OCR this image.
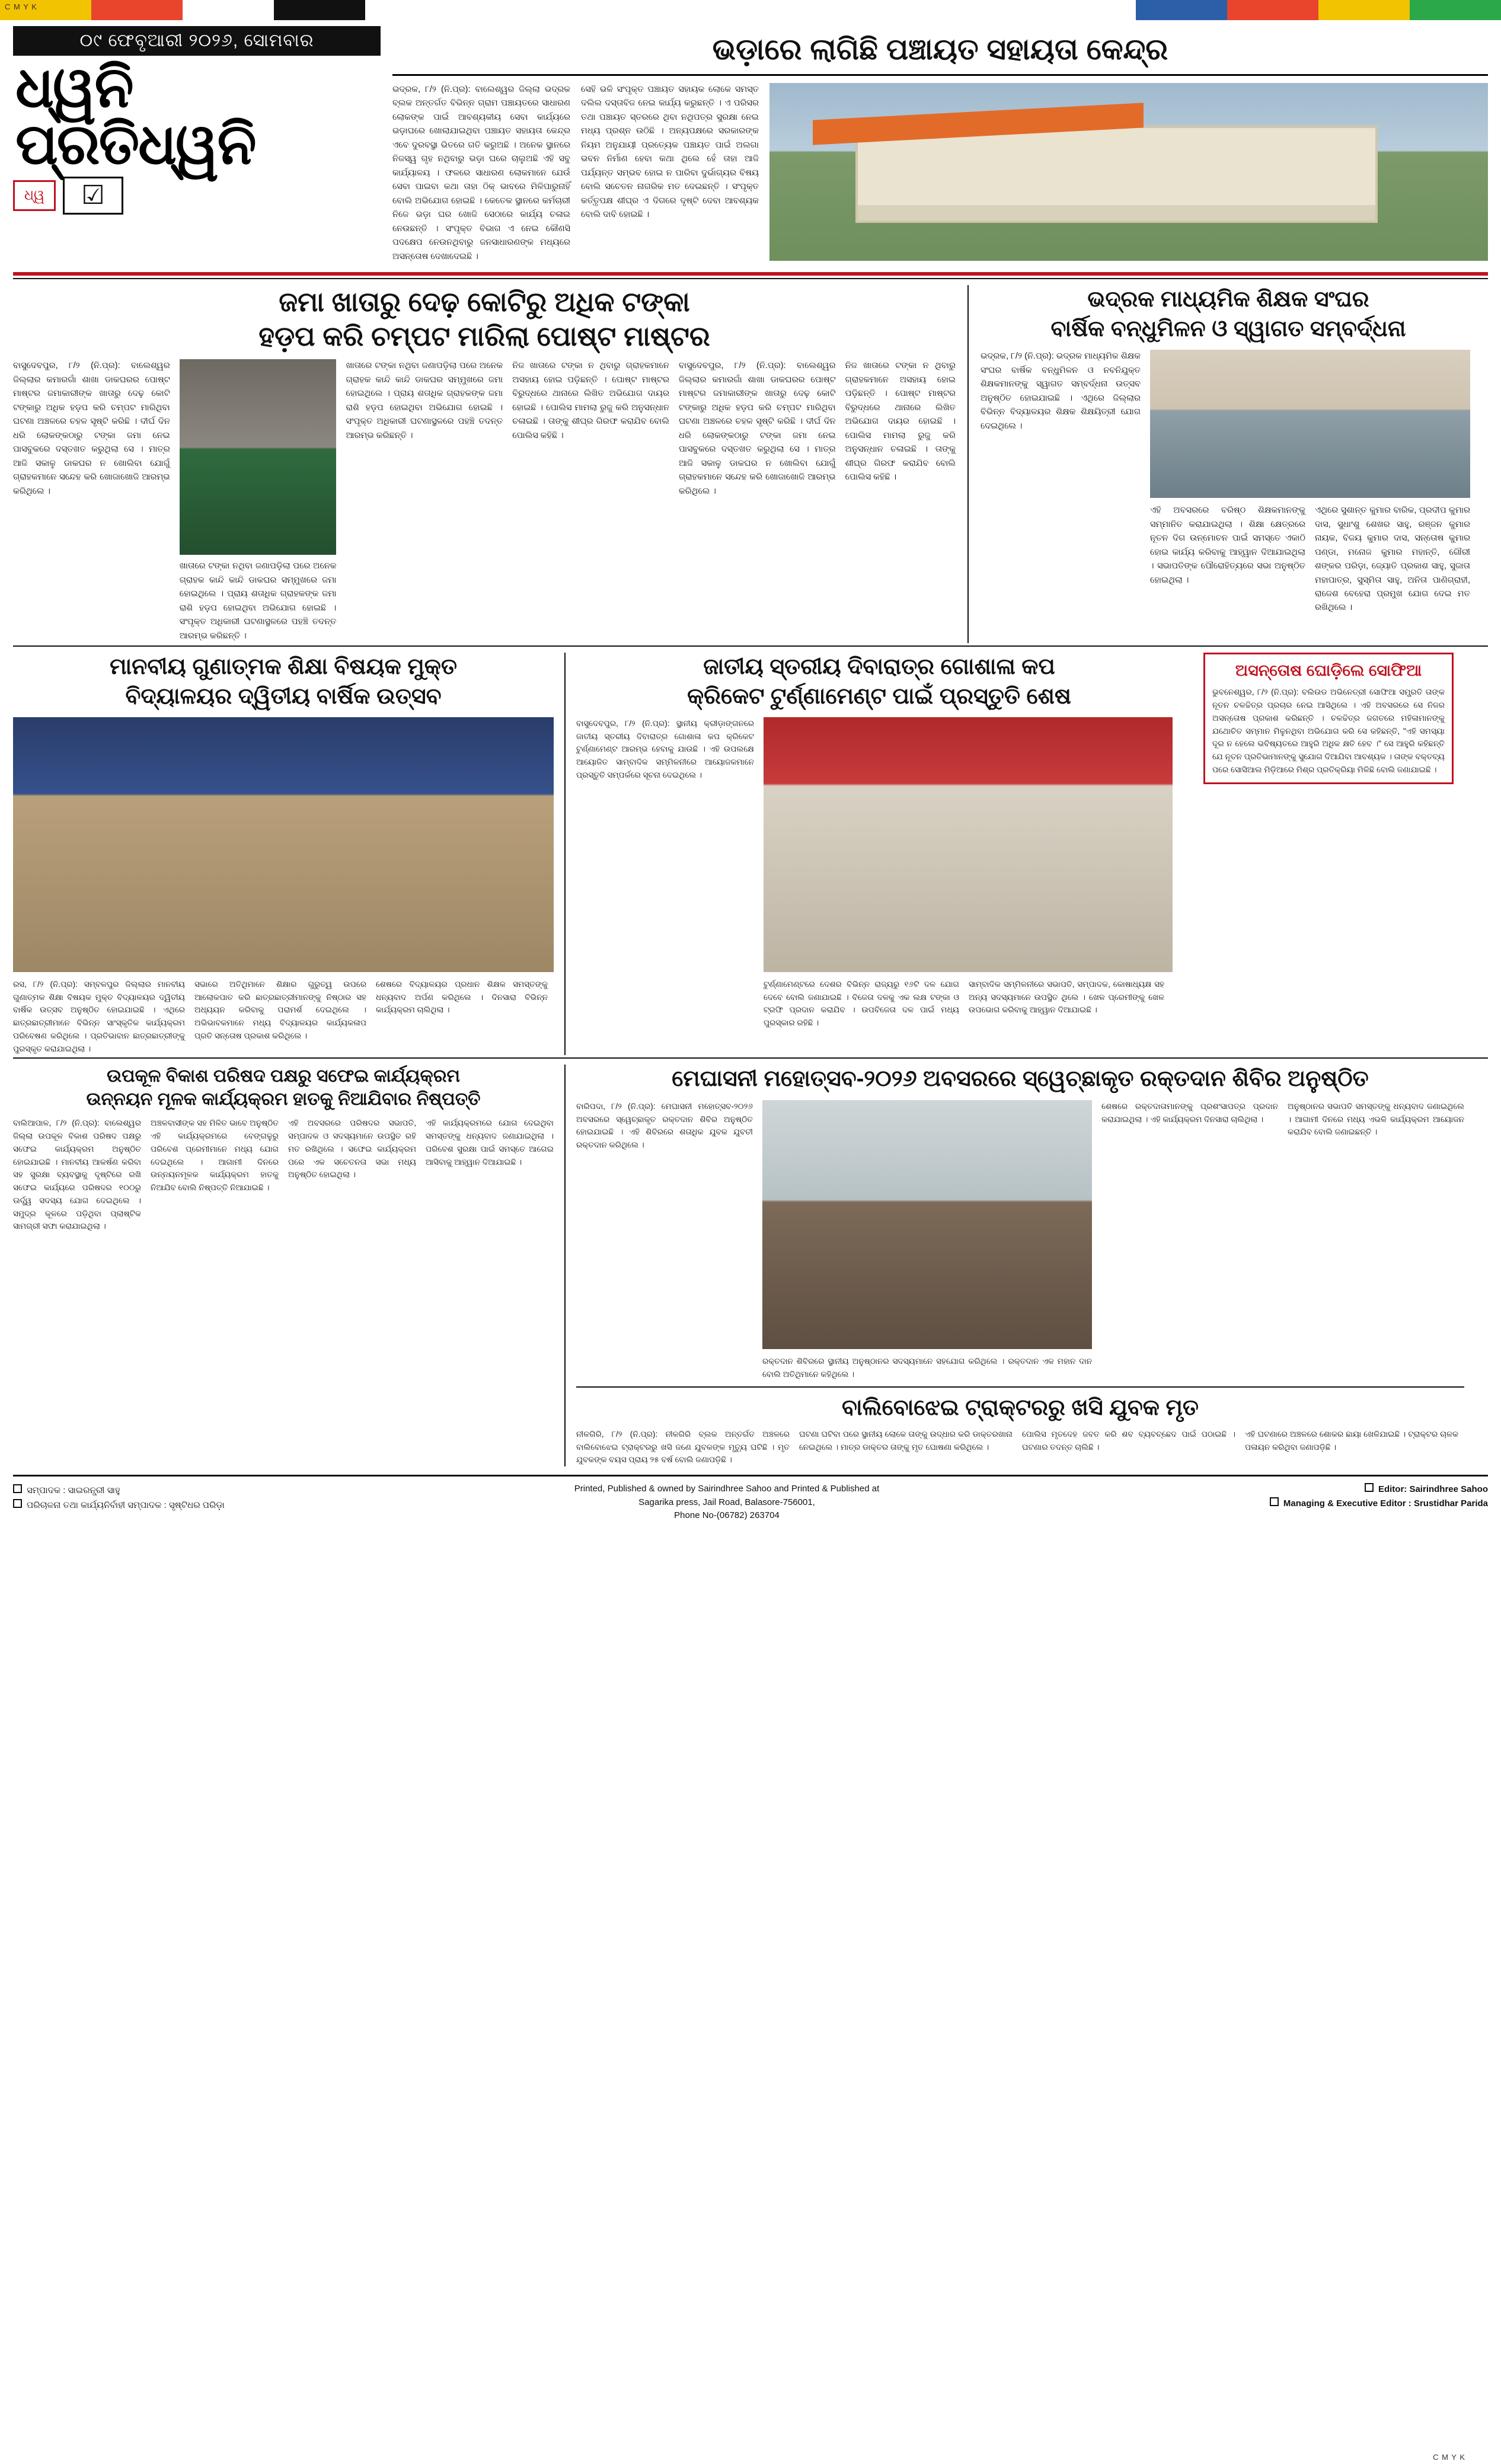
C M Y K
୦୯ ଫେବୃଆରୀ ୨୦୨୬, ସୋମବାର
ଧ୍ୱନି ପ୍ରତିଧ୍ୱନି
ଧ୍ୱ	☑
ଭଡ଼ାରେ ଲାଗିଛି ପଞ୍ଚାୟତ ସହାୟତା କେନ୍ଦ୍ର
ଭଦ୍ରକ, ୮/୨ (ନି.ପ୍ର): ବାଲେଶ୍ୱର ଜିଲ୍ଲା ଭଦ୍ରକ ବ୍ଲକ ଅନ୍ତର୍ଗତ ବିଭିନ୍ନ ଗ୍ରାମ ପଞ୍ଚାୟତରେ ସାଧାରଣ ଲୋକଙ୍କ ପାଇଁ ଆବଶ୍ୟକୀୟ ସେବା କାର୍ଯ୍ୟରେ ଭଡ଼ାଘରେ ଖୋଲାଯାଇଥିବା ପଞ୍ଚାୟତ ସହାୟତା କେନ୍ଦ୍ର ଏବେ ଦୁରବସ୍ଥା ଭିତରେ ଗତି କରୁଅଛି । ଅନେକ ସ୍ଥାନରେ ନିଜସ୍ୱ ଗୃହ ନଥିବାରୁ ଭଡ଼ା ଘରେ ଚାଲୁଅଛି ଏହି ସବୁ କାର୍ଯ୍ୟାଳୟ । ଫଳରେ ସାଧାରଣ ଲୋକମାନେ ଯେଉଁ ସେବା ପାଇବା କଥା ତାହା ଠିକ୍ ଭାବରେ ମିଳିପାରୁନାହିଁ ବୋଲି ଅଭିଯୋଗ ହୋଇଛି । କେତେକ ସ୍ଥାନରେ କର୍ମଚାରୀ ନିଜେ ଭଡ଼ା ଘର ଖୋଜି ସେଠାରେ କାର୍ଯ୍ୟ ଚଳାଇ ନେଉଛନ୍ତି । ସଂପୃକ୍ତ ବିଭାଗ ଏ ନେଇ କୌଣସି ପଦକ୍ଷେପ ନେଉନଥିବାରୁ ଜନସାଧାରଣଙ୍କ ମଧ୍ୟରେ ଅସନ୍ତୋଷ ଦେଖାଦେଇଛି ।
ସେହି ଭଳି ସଂପୃକ୍ତ ପଞ୍ଚାୟତ ସହାୟକ ଲୋକେ ସମସ୍ତ ଦଲିଲ ଦସ୍ତାବିଜ ନେଇ କାର୍ଯ୍ୟ କରୁଛନ୍ତି । ଏ ପରିସର ତଥା ପଞ୍ଚାୟତ ସ୍ତରରେ ଥିବା ନଥିପତ୍ର ସୁରକ୍ଷା ନେଇ ମଧ୍ୟ ପ୍ରଶ୍ନ ଉଠିଛି । ଅନ୍ୟପକ୍ଷରେ ସରକାରଙ୍କ ନିୟମ ଅନୁଯାୟୀ ପ୍ରତ୍ୟେକ ପଞ୍ଚାୟତ ପାଇଁ ଅଲଗା ଭବନ ନିର୍ମାଣ ହେବା କଥା ଥିଲେ ହେଁ ତାହା ଆଜି ପର୍ଯ୍ୟନ୍ତ ସମ୍ଭବ ହୋଇ ନ ପାରିବା ଦୁର୍ଭାଗ୍ୟର ବିଷୟ ବୋଲି ସଚେତନ ନାଗରିକ ମତ ଦେଇଛନ୍ତି । ସଂପୃକ୍ତ କର୍ତ୍ତୃପକ୍ଷ ଶୀଘ୍ର ଏ ଦିଗରେ ଦୃଷ୍ଟି ଦେବା ଆବଶ୍ୟକ ବୋଲି ଦାବି ହୋଇଛି ।
ଜମା ଖାତାରୁ ଦେଢ଼ କୋଟିରୁ ଅଧିକ ଟଙ୍କା
ହଡ଼ପ କରି ଚମ୍ପଟ ମାରିଲା ପୋଷ୍ଟ ମାଷ୍ଟର
ବାସୁଦେବପୁର, ୮/୨ (ନି.ପ୍ର): ବାଲେଶ୍ୱର ଜିଲ୍ଲାର କମାରଗାଁ ଶାଖା ଡାକଘରର ପୋଷ୍ଟ ମାଷ୍ଟର ଜମାକାରୀଙ୍କ ଖାତାରୁ ଦେଢ଼ କୋଟି ଟଙ୍କାରୁ ଅଧିକ ହଡ଼ପ କରି ଚମ୍ପଟ ମାରିଥିବା ଘଟଣା ଅଞ୍ଚଳରେ ଚହଳ ସୃଷ୍ଟି କରିଛି । ଦୀର୍ଘ ଦିନ ଧରି ଲୋକଙ୍କଠାରୁ ଟଙ୍କା ଜମା ନେଇ ପାସବୁକରେ ଦସ୍ତଖତ କରୁଥିଲା ସେ । ମାତ୍ର ଆଜି ସକାଳୁ ଡାକଘର ନ ଖୋଲିବା ଯୋଗୁଁ ଗ୍ରାହକମାନେ ସନ୍ଦେହ କରି ଖୋଜାଖୋଜି ଆରମ୍ଭ କରିଥିଲେ ।
ଖାତାରେ ଟଙ୍କା ନଥିବା ଜଣାପଡ଼ିଲା ପରେ ଅନେକ ଗ୍ରାହକ କାନ୍ଦି କାନ୍ଦି ଡାକଘର ସମ୍ମୁଖରେ ଜମା ହୋଇଥିଲେ । ପ୍ରାୟ ଶତାଧିକ ଗ୍ରାହକଙ୍କ ଜମା ରାଶି ହଡ଼ପ ହୋଇଥିବା ଅଭିଯୋଗ ହୋଇଛି । ସଂପୃକ୍ତ ଅଧିକାରୀ ଘଟଣାସ୍ଥଳରେ ପହଞ୍ଚି ତଦନ୍ତ ଆରମ୍ଭ କରିଛନ୍ତି ।
ଖାତାରେ ଟଙ୍କା ନଥିବା ଜଣାପଡ଼ିଲା ପରେ ଅନେକ ଗ୍ରାହକ କାନ୍ଦି କାନ୍ଦି ଡାକଘର ସମ୍ମୁଖରେ ଜମା ହୋଇଥିଲେ । ପ୍ରାୟ ଶତାଧିକ ଗ୍ରାହକଙ୍କ ଜମା ରାଶି ହଡ଼ପ ହୋଇଥିବା ଅଭିଯୋଗ ହୋଇଛି । ସଂପୃକ୍ତ ଅଧିକାରୀ ଘଟଣାସ୍ଥଳରେ ପହଞ୍ଚି ତଦନ୍ତ ଆରମ୍ଭ କରିଛନ୍ତି ।
ନିଜ ଖାତାରେ ଟଙ୍କା ନ ଥିବାରୁ ଗ୍ରାହକମାନେ ଅସହାୟ ହୋଇ ପଡ଼ିଛନ୍ତି । ପୋଷ୍ଟ ମାଷ୍ଟର ବିରୁଦ୍ଧରେ ଥାନାରେ ଲିଖିତ ଅଭିଯୋଗ ଦାୟର ହୋଇଛି । ପୋଲିସ ମାମଲା ରୁଜୁ କରି ଅନୁସନ୍ଧାନ ଚଳାଇଛି । ତାଙ୍କୁ ଶୀଘ୍ର ଗିରଫ କରାଯିବ ବୋଲି ପୋଲିସ କହିଛି ।
ବାସୁଦେବପୁର, ୮/୨ (ନି.ପ୍ର): ବାଲେଶ୍ୱର ଜିଲ୍ଲାର କମାରଗାଁ ଶାଖା ଡାକଘରର ପୋଷ୍ଟ ମାଷ୍ଟର ଜମାକାରୀଙ୍କ ଖାତାରୁ ଦେଢ଼ କୋଟି ଟଙ୍କାରୁ ଅଧିକ ହଡ଼ପ କରି ଚମ୍ପଟ ମାରିଥିବା ଘଟଣା ଅଞ୍ଚଳରେ ଚହଳ ସୃଷ୍ଟି କରିଛି । ଦୀର୍ଘ ଦିନ ଧରି ଲୋକଙ୍କଠାରୁ ଟଙ୍କା ଜମା ନେଇ ପାସବୁକରେ ଦସ୍ତଖତ କରୁଥିଲା ସେ । ମାତ୍ର ଆଜି ସକାଳୁ ଡାକଘର ନ ଖୋଲିବା ଯୋଗୁଁ ଗ୍ରାହକମାନେ ସନ୍ଦେହ କରି ଖୋଜାଖୋଜି ଆରମ୍ଭ କରିଥିଲେ ।
ନିଜ ଖାତାରେ ଟଙ୍କା ନ ଥିବାରୁ ଗ୍ରାହକମାନେ ଅସହାୟ ହୋଇ ପଡ଼ିଛନ୍ତି । ପୋଷ୍ଟ ମାଷ୍ଟର ବିରୁଦ୍ଧରେ ଥାନାରେ ଲିଖିତ ଅଭିଯୋଗ ଦାୟର ହୋଇଛି । ପୋଲିସ ମାମଲା ରୁଜୁ କରି ଅନୁସନ୍ଧାନ ଚଳାଇଛି । ତାଙ୍କୁ ଶୀଘ୍ର ଗିରଫ କରାଯିବ ବୋଲି ପୋଲିସ କହିଛି ।
ଭଦ୍ରକ ମାଧ୍ୟମିକ ଶିକ୍ଷକ ସଂଘର
ବାର୍ଷିକ ବନ୍ଧୁମିଳନ ଓ ସ୍ୱାଗତ ସମ୍ବର୍ଦ୍ଧନା
ଭଦ୍ରକ, ୮/୨ (ନି.ପ୍ର): ଭଦ୍ରକ ମାଧ୍ୟମିକ ଶିକ୍ଷକ ସଂଘର ବାର୍ଷିକ ବନ୍ଧୁମିଳନ ଓ ନବନିଯୁକ୍ତ ଶିକ୍ଷକମାନଙ୍କୁ ସ୍ୱାଗତ ସମ୍ବର୍ଦ୍ଧନା ଉତ୍ସବ ଅନୁଷ୍ଠିତ ହୋଇଯାଇଛି । ଏଥିରେ ଜିଲ୍ଲାର ବିଭିନ୍ନ ବିଦ୍ୟାଳୟର ଶିକ୍ଷକ ଶିକ୍ଷୟିତ୍ରୀ ଯୋଗ ଦେଇଥିଲେ ।
ଏହି ଅବସରରେ ବରିଷ୍ଠ ଶିକ୍ଷକମାନଙ୍କୁ ସମ୍ମାନିତ କରାଯାଇଥିଲା । ଶିକ୍ଷା କ୍ଷେତ୍ରରେ ନୂତନ ଦିଗ ଉନ୍ମୋଚନ ପାଇଁ ସମସ୍ତେ ଏକାଠି ହୋଇ କାର୍ଯ୍ୟ କରିବାକୁ ଆହ୍ୱାନ ଦିଆଯାଇଥିଲା । ସଭାପତିଙ୍କ ପୌରୋହିତ୍ୟରେ ସଭା ଅନୁଷ୍ଠିତ ହୋଇଥିଲା ।
ଏଥିରେ ସୁଶାନ୍ତ କୁମାର ବାରିକ, ପ୍ରଦୀପ କୁମାର ଦାସ, ସୁଧାଂଶୁ ଶେଖର ସାହୁ, ରଞ୍ଜନ କୁମାର ନାୟକ, ବିଜୟ କୁମାର ଦାସ, ସନ୍ତୋଷ କୁମାର ପଣ୍ଡା, ମନୋଜ କୁମାର ମହାନ୍ତି, ଗୌରୀ ଶଙ୍କର ପରିଡ଼ା, ଜ୍ୟୋତି ପ୍ରକାଶ ସାହୁ, ସୁଜାତା ମହାପାତ୍ର, ସୁସ୍ମିତା ସାହୁ, ଅନିତା ପାଣିଗ୍ରାହୀ, ରାଜେଶ ବେହେରା ପ୍ରମୁଖ ଯୋଗ ଦେଇ ମତ ରଖିଥିଲେ ।
ମାନବୀୟ ଗୁଣାତ୍ମକ ଶିକ୍ଷା ବିଷୟକ ମୁକ୍ତ
ବିଦ୍ୟାଳୟର ଦ୍ୱିତୀୟ ବାର୍ଷିକ ଉତ୍ସବ
ରସ, ୮/୨ (ନି.ପ୍ର): ସମ୍ବଳପୁର ଜିଲ୍ଲାର ମାନବୀୟ ଗୁଣାତ୍ମକ ଶିକ୍ଷା ବିଷୟକ ମୁକ୍ତ ବିଦ୍ୟାଳୟର ଦ୍ୱିତୀୟ ବାର୍ଷିକ ଉତ୍ସବ ଅନୁଷ୍ଠିତ ହୋଇଯାଇଛି । ଏଥିରେ ଛାତ୍ରଛାତ୍ରୀମାନେ ବିଭିନ୍ନ ସାଂସ୍କୃତିକ କାର୍ଯ୍ୟକ୍ରମ ପରିବେଷଣ କରିଥିଲେ । ପ୍ରତିଭାବାନ ଛାତ୍ରଛାତ୍ରୀଙ୍କୁ ପୁରସ୍କୃତ କରାଯାଇଥିଲା ।
ସଭାରେ ଅତିଥିମାନେ ଶିକ୍ଷାର ଗୁରୁତ୍ୱ ଉପରେ ଆଲୋକପାତ କରି ଛାତ୍ରଛାତ୍ରୀମାନଙ୍କୁ ନିଷ୍ଠାର ସହ ଅଧ୍ୟୟନ କରିବାକୁ ପରାମର୍ଶ ଦେଇଥିଲେ । ଅଭିଭାବକମାନେ ମଧ୍ୟ ବିଦ୍ୟାଳୟର କାର୍ଯ୍ୟକଳାପ ପ୍ରତି ସନ୍ତୋଷ ପ୍ରକାଶ କରିଥିଲେ ।
ଶେଷରେ ବିଦ୍ୟାଳୟର ପ୍ରଧାନ ଶିକ୍ଷକ ସମସ୍ତଙ୍କୁ ଧନ୍ୟବାଦ ଅର୍ପଣ କରିଥିଲେ । ଦିନସାରା ବିଭିନ୍ନ କାର୍ଯ୍ୟକ୍ରମ ଚାଲିଥିଲା ।
ଜାତୀୟ ସ୍ତରୀୟ ଦିବାରାତ୍ର ଗୋଶାଳା କପ
କ୍ରିକେଟ ଟୁର୍ଣ୍ଣାମେଣ୍ଟ ପାଇଁ ପ୍ରସ୍ତୁତି ଶେଷ
ବାସୁଦେବପୁର, ୮/୨ (ନି.ପ୍ର): ସ୍ଥାନୀୟ କ୍ରୀଡ଼ାଙ୍ଗନରେ ଜାତୀୟ ସ୍ତରୀୟ ଦିବାରାତ୍ର ଗୋଶାଳା କପ କ୍ରିକେଟ ଟୁର୍ଣ୍ଣାମେଣ୍ଟ ଆରମ୍ଭ ହେବାକୁ ଯାଉଛି । ଏହି ଉପଲକ୍ଷେ ଆୟୋଜିତ ସାମ୍ବାଦିକ ସମ୍ମିଳନୀରେ ଆୟୋଜକମାନେ ପ୍ରସ୍ତୁତି ସମ୍ପର୍କରେ ସୂଚନା ଦେଇଥିଲେ ।
ଟୁର୍ଣ୍ଣାମେଣ୍ଟରେ ଦେଶର ବିଭିନ୍ନ ରାଜ୍ୟରୁ ୧୬ଟି ଦଳ ଯୋଗ ଦେବେ ବୋଲି ଜଣାଯାଇଛି । ବିଜେତା ଦଳକୁ ଏକ ଲକ୍ଷ ଟଙ୍କା ଓ ଟ୍ରଫି ପ୍ରଦାନ କରାଯିବ । ଉପବିଜେତା ଦଳ ପାଇଁ ମଧ୍ୟ ପୁରସ୍କାର ରହିଛି ।
ସାମ୍ବାଦିକ ସମ୍ମିଳନୀରେ ସଭାପତି, ସମ୍ପାଦକ, କୋଷାଧ୍ୟକ୍ଷ ସହ ଅନ୍ୟ ସଦସ୍ୟମାନେ ଉପସ୍ଥିତ ଥିଲେ । ଖେଳ ପ୍ରେମୀଙ୍କୁ ଖେଳ ଉପଭୋଗ କରିବାକୁ ଆହ୍ୱାନ ଦିଆଯାଇଛି ।
ଅସନ୍ତୋଷ ଘୋଡ଼ିଲେ ସୋଫିଆ
ଭୁବନେଶ୍ୱର, ୮/୨ (ନି.ପ୍ର): ବଲିଉଡ ଅଭିନେତ୍ରୀ ସୋଫିଆ ସମ୍ପ୍ରତି ତାଙ୍କ ନୂତନ ଚଳଚ୍ଚିତ୍ର ପ୍ରଚାର ନେଇ ଆସିଥିଲେ । ଏହି ଅବସରରେ ସେ ନିଜର ଅସନ୍ତୋଷ ପ୍ରକାଶ କରିଛନ୍ତି । ଚଳଚ୍ଚିତ୍ର ଜଗତରେ ମହିଳାମାନଙ୍କୁ ଯଥୋଚିତ ସମ୍ମାନ ମିଳୁନଥିବା ଅଭିଯୋଗ କରି ସେ କହିଛନ୍ତି, "ଏହି ସମସ୍ୟା ଦୂର ନ ହେଲେ ଭବିଷ୍ୟତରେ ଆହୁରି ଅଧିକ କ୍ଷତି ହେବ ।" ସେ ଆହୁରି କହିଛନ୍ତି ଯେ ନୂତନ ପ୍ରତିଭାମାନଙ୍କୁ ସୁଯୋଗ ଦିଆଯିବା ଆବଶ୍ୟକ । ତାଙ୍କ ବକ୍ତବ୍ୟ ପରେ ସୋସିଆଲ ମିଡ଼ିଆରେ ମିଶ୍ର ପ୍ରତିକ୍ରିୟା ମିଳିଛି ବୋଲି ଜଣାଯାଇଛି ।
ଉପକୂଳ ବିକାଶ ପରିଷଦ ପକ୍ଷରୁ ସଫେଇ କାର୍ଯ୍ୟକ୍ରମ
ଉନ୍ନୟନ ମୂଳକ କାର୍ଯ୍ୟକ୍ରମ ହାତକୁ ନିଆଯିବାର ନିଷ୍ପତ୍ତି
ବାଲିଆପାଳ, ୮/୨ (ନି.ପ୍ର): ବାଲେଶ୍ୱର ଜିଲ୍ଲା ଉପକୂଳ ବିକାଶ ପରିଷଦ ପକ୍ଷରୁ ସଫେଇ କାର୍ଯ୍ୟକ୍ରମ ଅନୁଷ୍ଠିତ ହୋଇଯାଇଛି । ମାନବୀୟ ଆକର୍ଷଣ କରିବା ସହ ସୁରକ୍ଷା ବ୍ୟବସ୍ଥାକୁ ଦୃଷ୍ଟିରେ ରଖି ସଫେଇ କାର୍ଯ୍ୟରେ ପରିଷଦର ୧୦୦ରୁ ଊର୍ଦ୍ଧ୍ୱ ସଦସ୍ୟ ଯୋଗ ଦେଇଥିଲେ । ସମୁଦ୍ର କୂଳରେ ପଡ଼ିଥିବା ପ୍ଲାଷ୍ଟିକ ସାମଗ୍ରୀ ସଫା କରାଯାଇଥିଲା ।
ଅଞ୍ଚଳବାସୀଙ୍କ ସହ ମିଳିତ ଭାବେ ଅନୁଷ୍ଠିତ ଏହି କାର୍ଯ୍ୟକ୍ରମରେ ବେଙ୍ଗଳୁରୁ ପରିବେଶ ପ୍ରେମୀମାନେ ମଧ୍ୟ ଯୋଗ ଦେଇଥିଲେ । ଆଗାମୀ ଦିନରେ ଉନ୍ନୟନମୂଳକ କାର୍ଯ୍ୟକ୍ରମ ହାତକୁ ନିଆଯିବ ବୋଲି ନିଷ୍ପତ୍ତି ନିଆଯାଇଛି ।
ଏହି ଅବସରରେ ପରିଷଦର ସଭାପତି, ସମ୍ପାଦକ ଓ ସଦସ୍ୟମାନେ ଉପସ୍ଥିତ ରହି ମତ ରଖିଥିଲେ । ସଫେଇ କାର୍ଯ୍ୟକ୍ରମ ପରେ ଏକ ସଚେତନତା ସଭା ମଧ୍ୟ ଅନୁଷ୍ଠିତ ହୋଇଥିଲା ।
ଏହି କାର୍ଯ୍ୟକ୍ରମରେ ଯୋଗ ଦେଇଥିବା ସମସ୍ତଙ୍କୁ ଧନ୍ୟବାଦ ଜଣାଯାଇଥିଲା । ପରିବେଶ ସୁରକ୍ଷା ପାଇଁ ସମସ୍ତେ ଆଗେଇ ଆସିବାକୁ ଆହ୍ୱାନ ଦିଆଯାଇଛି ।
ମେଘାସନୀ ମହୋତ୍ସବ-୨୦୨୬ ଅବସରରେ ସ୍ୱେଚ୍ଛାକୃତ ରକ୍ତଦାନ ଶିବିର ଅନୁଷ୍ଠିତ
ବାରିପଦା, ୮/୨ (ନି.ପ୍ର): ମେଘାସନୀ ମହୋତ୍ସବ-୨୦୨୬ ଅବସରରେ ସ୍ୱେଚ୍ଛାକୃତ ରକ୍ତଦାନ ଶିବିର ଅନୁଷ୍ଠିତ ହୋଇଯାଇଛି । ଏହି ଶିବିରରେ ଶତାଧିକ ଯୁବକ ଯୁବତୀ ରକ୍ତଦାନ କରିଥିଲେ ।
ରକ୍ତଦାନ ଶିବିରରେ ସ୍ଥାନୀୟ ଅନୁଷ୍ଠାନର ସଦସ୍ୟମାନେ ସହଯୋଗ କରିଥିଲେ । ରକ୍ତଦାନ ଏକ ମହାନ ଦାନ ବୋଲି ଅତିଥିମାନେ କହିଥିଲେ ।
ଶେଷରେ ରକ୍ତଦାତାମାନଙ୍କୁ ପ୍ରଶଂସାପତ୍ର ପ୍ରଦାନ କରାଯାଇଥିଲା । ଏହି କାର୍ଯ୍ୟକ୍ରମ ଦିନସାରା ଚାଲିଥିଲା ।
ଅନୁଷ୍ଠାନର ସଭାପତି ସମସ୍ତଙ୍କୁ ଧନ୍ୟବାଦ ଜଣାଇଥିଲେ । ଆଗାମୀ ଦିନରେ ମଧ୍ୟ ଏଭଳି କାର୍ଯ୍ୟକ୍ରମ ଆୟୋଜନ କରାଯିବ ବୋଲି ଜଣାଇଛନ୍ତି ।
ବାଲିବୋଝେଇ ଟ୍ରାକ୍ଟରରୁ ଖସି ଯୁବକ ମୃତ
ନୀଳଗିରି, ୮/୨ (ନି.ପ୍ର): ନୀଳଗିରି ବ୍ଲକ ଅନ୍ତର୍ଗତ ଅଞ୍ଚଳରେ ବାଲିବୋଝେଇ ଟ୍ରାକ୍ଟରରୁ ଖସି ଜଣେ ଯୁବକଙ୍କ ମୃତ୍ୟୁ ଘଟିଛି । ମୃତ ଯୁବକଙ୍କ ବୟସ ପ୍ରାୟ ୨୫ ବର୍ଷ ବୋଲି ଜଣାପଡ଼ିଛି ।
ଘଟଣା ଘଟିବା ପରେ ସ୍ଥାନୀୟ ଲୋକେ ତାଙ୍କୁ ଉଦ୍ଧାର କରି ଡାକ୍ତରଖାନା ନେଇଥିଲେ । ମାତ୍ର ଡାକ୍ତର ତାଙ୍କୁ ମୃତ ଘୋଷଣା କରିଥିଲେ ।
ପୋଲିସ ମୃତଦେହ ଜବତ କରି ଶବ ବ୍ୟବଚ୍ଛେଦ ପାଇଁ ପଠାଇଛି । ଘଟଣାର ତଦନ୍ତ ଚାଲିଛି ।
ଏହି ଘଟଣାରେ ଅଞ୍ଚଳରେ ଶୋକର ଛାୟା ଖେଳିଯାଇଛି । ଟ୍ରାକ୍ଟର ଚାଳକ ପଳାୟନ କରିଥିବା ଜଣାପଡ଼ିଛି ।
ସମ୍ପାଦକ : ସାଇରନ୍ଧ୍ରୀ ସାହୁ
ପରିଚାଳନା ତଥା କାର୍ଯ୍ୟନିର୍ବାହୀ ସମ୍ପାଦକ : ସୃଷ୍ଟିଧର ପରିଡ଼ା
Printed, Published & owned by Sairindhree Sahoo and Printed & Published at
Sagarika press, Jail Road, Balasore-756001,
Phone No-(06782) 263704
Editor: Sairindhree Sahoo
Managing & Executive Editor : Srustidhar Parida
C M Y K
